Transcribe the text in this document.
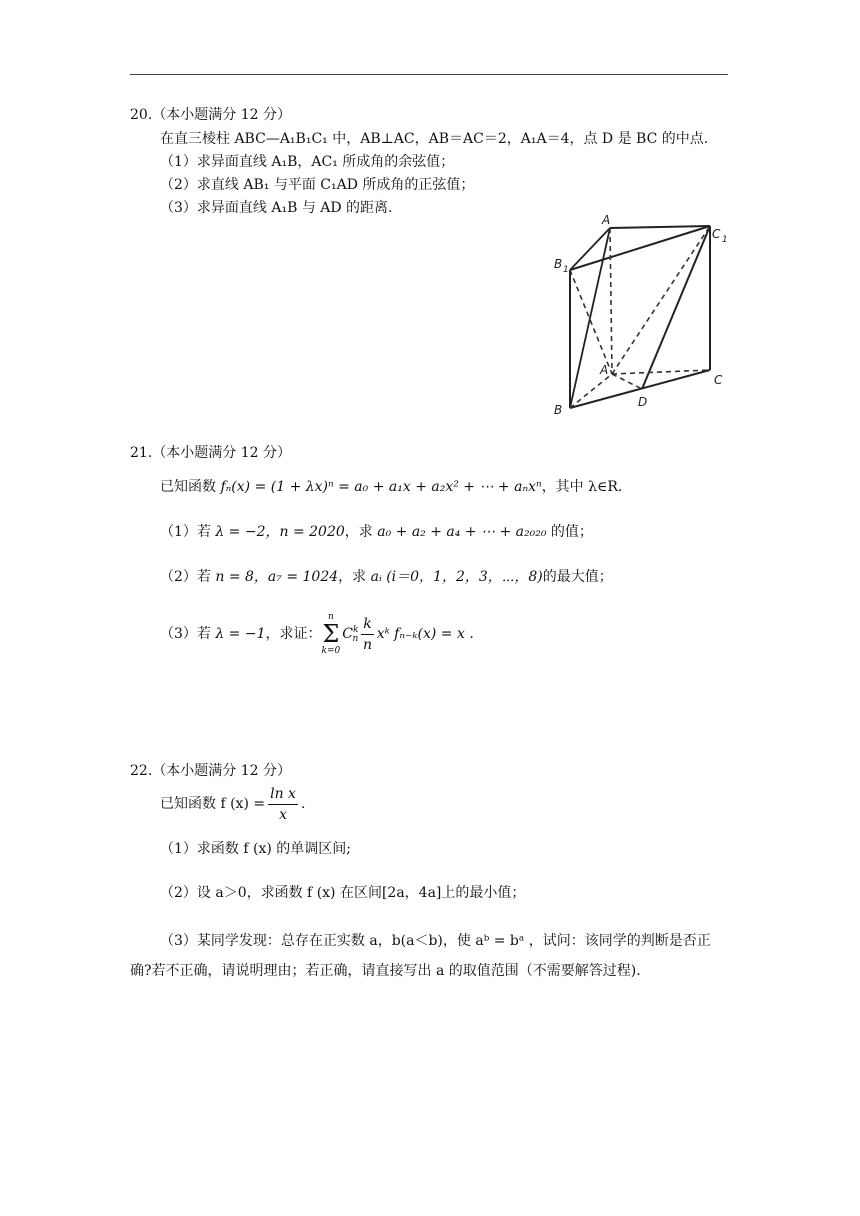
20.（本小题满分 12 分）
在直三棱柱 ABC—A₁B₁C₁ 中，AB⊥AC，AB＝AC＝2，A₁A＝4，点 D 是 BC 的中点.
（1）求异面直线 A₁B，AC₁ 所成角的余弦值；
（2）求直线 AB₁ 与平面 C₁AD 所成角的正弦值；
（3）求异面直线 A₁B 与 AD 的距离.
A
C 1
B 1
A
B
C
D
21.（本小题满分 12 分）
已知函数 fₙ(x) = (1 + λx)ⁿ = a₀ + a₁x + a₂x² + ⋯ + aₙxⁿ，其中 λ∈R.
（1）若 λ = −2，n = 2020，求 a₀ + a₂ + a₄ + ⋯ + a₂₀₂₀ 的值；
（2）若 n = 8，a₇ = 1024，求 aᵢ (i＝0，1，2，3，⋯，8)的最大值；
（3）若 λ = −1，求证：
n
Σ
k=0
$C^k_n \frac{k}{n}$ xᵏ fₙ₋ₖ(x) = x .
22.（本小题满分 12 分）
已知函数 f $(x) = \frac{\text{ln x}}{x}$ .
（1）求函数 f (x) 的单调区间;
（2）设 a＞0，求函数 f (x) 在区间[2a，4a]上的最小值；
（3）某同学发现：总存在正实数 a，b(a＜b)，使 aᵇ = bᵃ ，试问：该同学的判断是否正
确?若不正确，请说明理由；若正确，请直接写出 a 的取值范围（不需要解答过程).
